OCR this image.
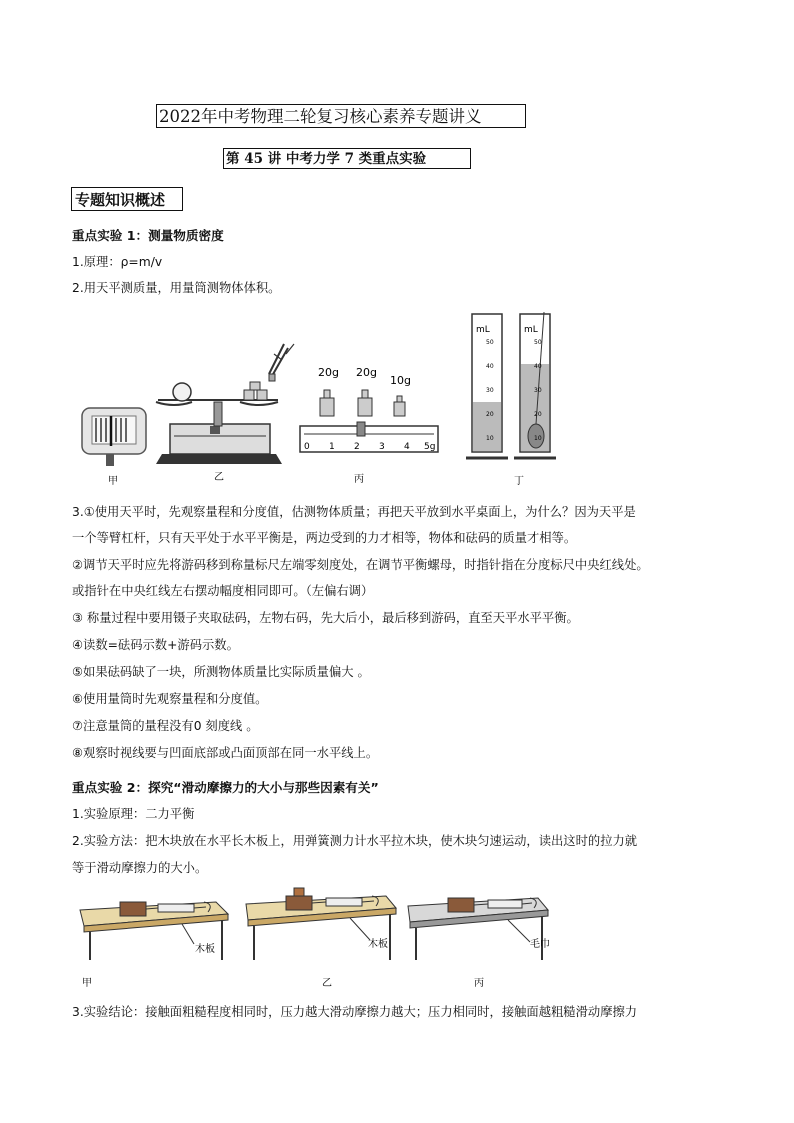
2022年中考物理二轮复习核心素养专题讲义
第 45 讲 中考力学 7 类重点实验
专题知识概述
重点实验 1：测量物质密度
1.原理：ρ=m/v
2.用天平测质量，用量筒测物体体积。
甲	乙
20g 20g
10g
0 1 2 3 4 5g
丙
mL
50
40
30
20
10
mL
50
40
30
20
10
丁
3.①使用天平时，先观察量程和分度值，估测物体质量；再把天平放到水平桌面上，为什么？因为天平是
一个等臂杠杆，只有天平处于水平平衡是，两边受到的力才相等，物体和砝码的质量才相等。
②调节天平时应先将游码移到称量标尺左端零刻度处，在调节平衡螺母，时指针指在分度标尺中央红线处。
或指针在中央红线左右摆动幅度相同即可。（左偏右调）
③ 称量过程中要用镊子夹取砝码，左物右码，先大后小，最后移到游码，直至天平水平平衡。
④读数=砝码示数+游码示数。
⑤如果砝码缺了一块，所测物体质量比实际质量偏大 。
⑥使用量筒时先观察量程和分度值。
⑦注意量筒的量程没有0 刻度线 。
⑧观察时视线要与凹面底部或凸面顶部在同一水平线上。
重点实验 2：探究“滑动摩擦力的大小与那些因素有关”
1.实验原理：二力平衡
2.实验方法：把木块放在水平长木板上，用弹簧测力计水平拉木块，使木块匀速运动，读出这时的拉力就
等于滑动摩擦力的大小。
木板
甲
木板
乙
毛巾
丙
3.实验结论：接触面粗糙程度相同时，压力越大滑动摩擦力越大；压力相同时，接触面越粗糙滑动摩擦力
